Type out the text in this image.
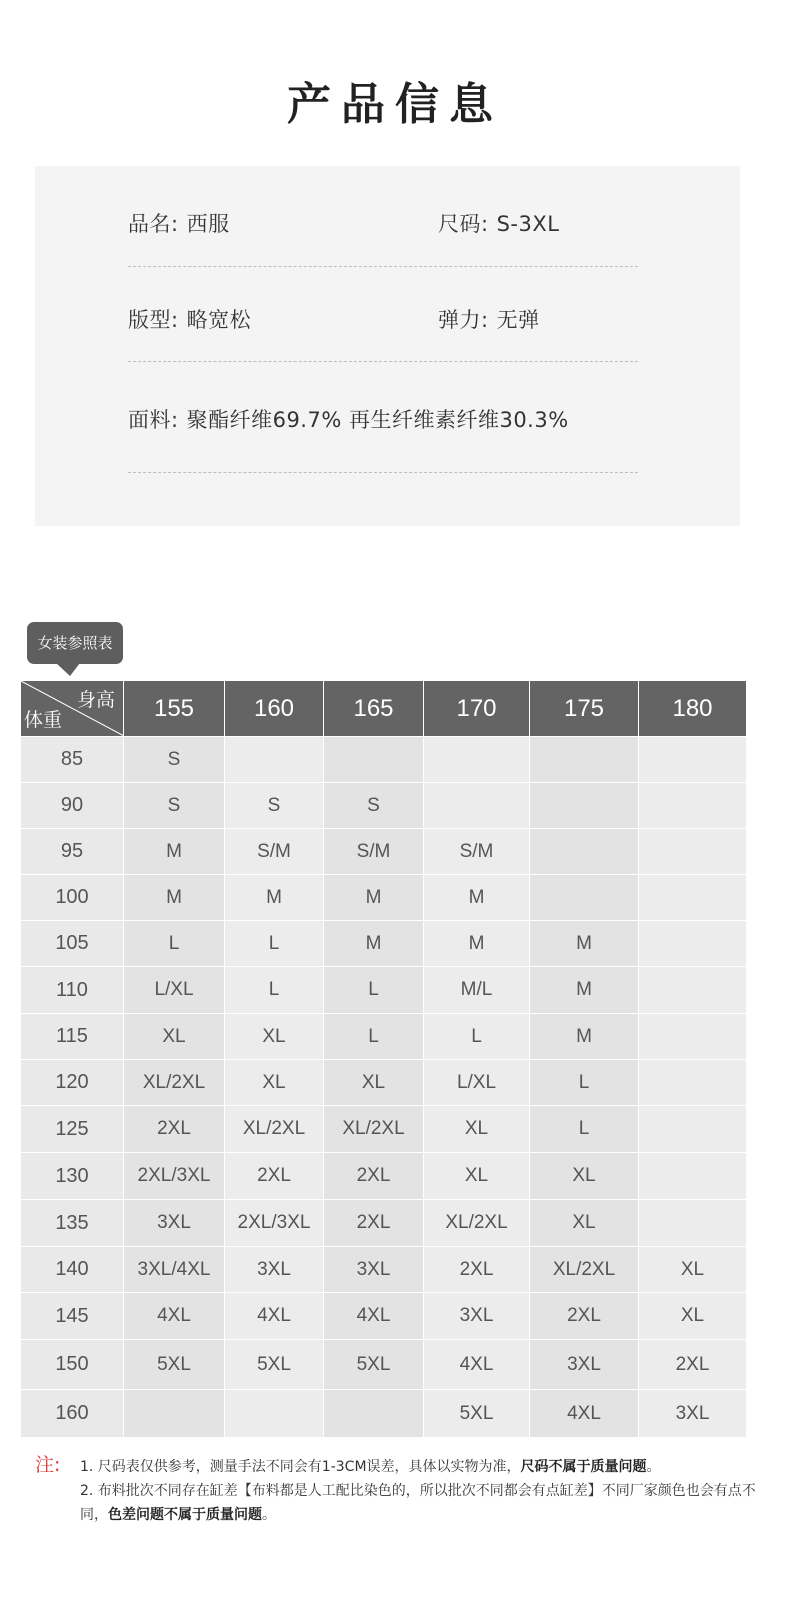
产品信息
品名: 西服	尺码: S-3XL
版型: 略宽松	弹力: 无弹
面料: 聚酯纤维69.7% 再生纤维素纤维30.3%
女装参照表
身高
体重	155	160	165	170	175	180
85	S					
90	S	S	S			
95	M	S/M	S/M	S/M		
100	M	M	M	M		
105	L	L	M	M	M	
110	L/XL	L	L	M/L	M	
115	XL	XL	L	L	M	
120	XL/2XL	XL	XL	L/XL	L	
125	2XL	XL/2XL	XL/2XL	XL	L	
130	2XL/3XL	2XL	2XL	XL	XL	
135	3XL	2XL/3XL	2XL	XL/2XL	XL	
140	3XL/4XL	3XL	3XL	2XL	XL/2XL	XL
145	4XL	4XL	4XL	3XL	2XL	XL
150	5XL	5XL	5XL	4XL	3XL	2XL
160				5XL	4XL	3XL
注: 1. 尺码表仅供参考，测量手法不同会有1-3CM误差，具体以实物为准，尺码不属于质量问题。
2. 布料批次不同存在缸差【布料都是人工配比染色的，所以批次不同都会有点缸差】不同厂家颜色也会有点不同，色差问题不属于质量问题。
